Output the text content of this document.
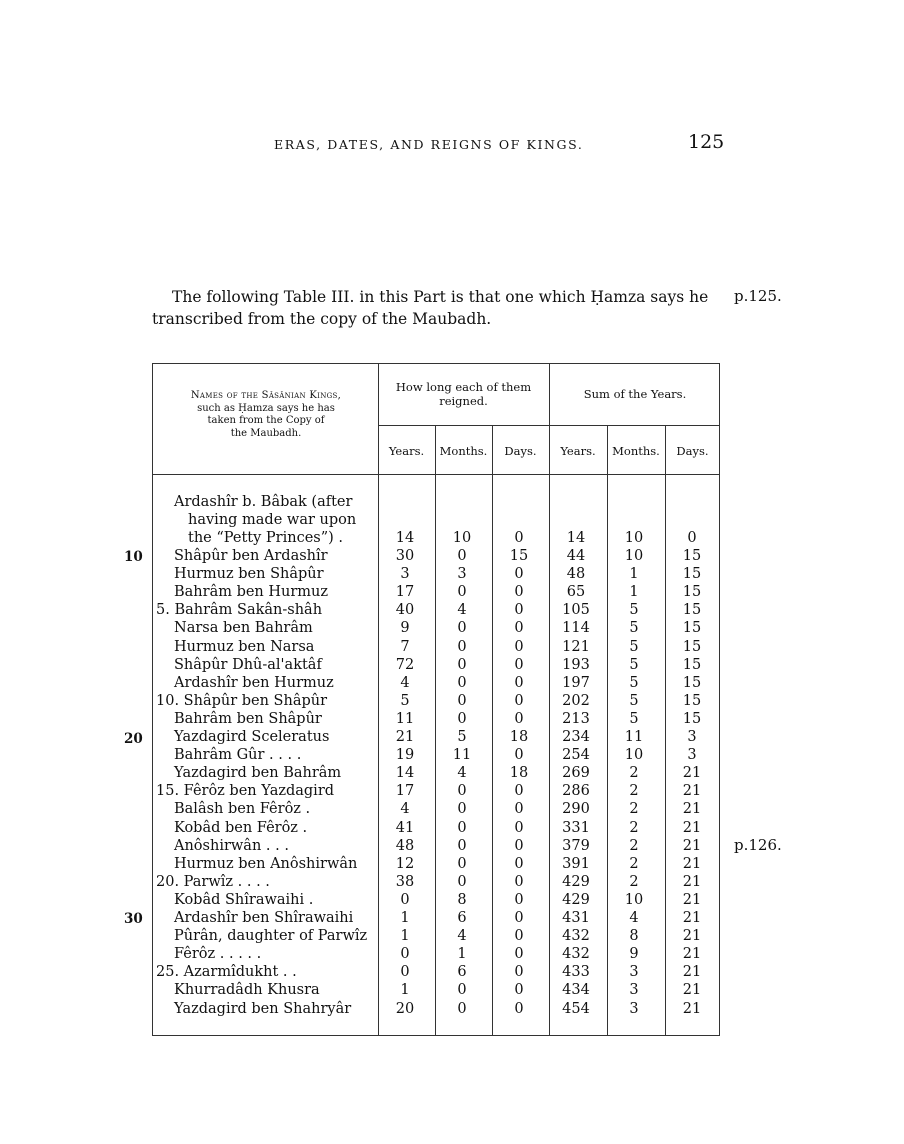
ERAS, DATES, AND REIGNS OF KINGS.	125
The following Table III. in this Part is that one which Ḥamza says he
transcribed from the copy of the Maubadh.
p.125.
p.126.
10
20
30
Names of the Sâsânian Kings,
such as Ḥamza says he has
taken from the Copy of
the Maubadh.
How long each of them reigned.	Sum of the Years.
Years.	Months.	Days.	Years.	Months.	Days.
Ardashîr b. Bâbak (after
having made war upon
the “Petty Princes”) .	14	10	0	14	10	0
Shâpûr ben Ardashîr	30	0	15	44	10	15
Hurmuz ben Shâpûr	3	3	0	48	1	15
Bahrâm ben Hurmuz	17	0	0	65	1	15
5. Bahrâm Sakân-shâh	40	4	0	105	5	15
Narsa ben Bahrâm	9	0	0	114	5	15
Hurmuz ben Narsa	7	0	0	121	5	15
Shâpûr Dhû-al'aktâf	72	0	0	193	5	15
Ardashîr ben Hurmuz	4	0	0	197	5	15
10. Shâpûr ben Shâpûr	5	0	0	202	5	15
Bahrâm ben Shâpûr	11	0	0	213	5	15
Yazdagird Sceleratus	21	5	18	234	11	3
Bahrâm Gûr . . . .	19	11	0	254	10	3
Yazdagird ben Bahrâm	14	4	18	269	2	21
15. Fêrôz ben Yazdagird	17	0	0	286	2	21
Balâsh ben Fêrôz .	4	0	0	290	2	21
Kobâd ben Fêrôz .	41	0	0	331	2	21
Anôshirwân . . .	48	0	0	379	2	21
Hurmuz ben Anôshirwân	12	0	0	391	2	21
20. Parwîz . . . .	38	0	0	429	2	21
Kobâd Shîrawaihi .	0	8	0	429	10	21
Ardashîr ben Shîrawaihi	1	6	0	431	4	21
Pûrân, daughter of Parwîz	1	4	0	432	8	21
Fêrôz . . . . .	0	1	0	432	9	21
25. Azarmîdukht . .	0	6	0	433	3	21
Khurradâdh Khusra	1	0	0	434	3	21
Yazdagird ben Shahryâr	20	0	0	454	3	21
